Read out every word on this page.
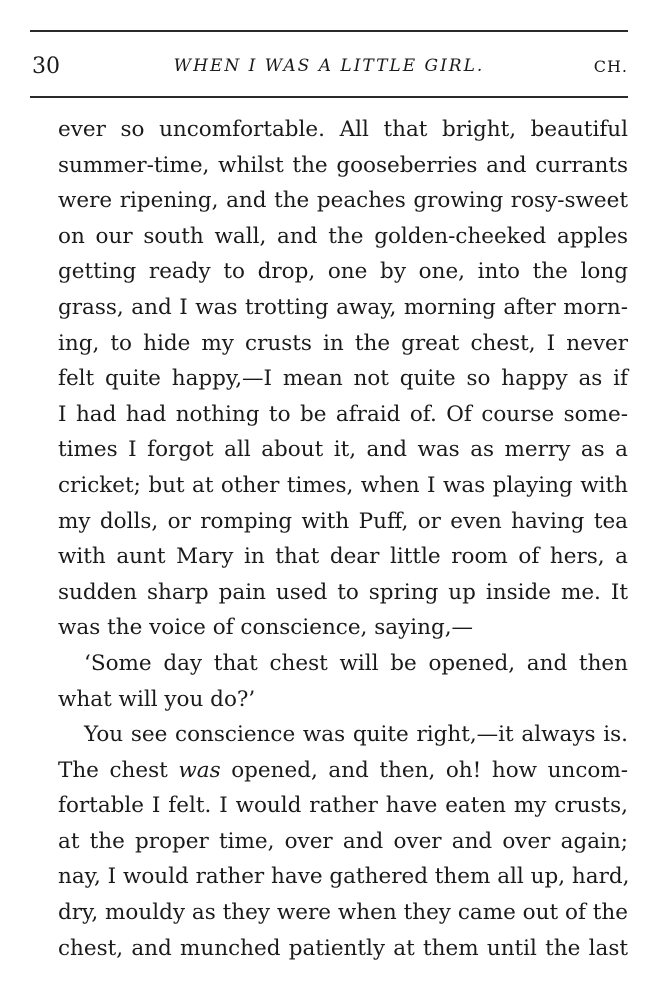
30	WHEN I WAS A LITTLE GIRL.	CH.
ever so uncomfortable. All that bright, beautiful
summer-time, whilst the gooseberries and currants
were ripening, and the peaches growing rosy-sweet
on our south wall, and the golden-cheeked apples
getting ready to drop, one by one, into the long
grass, and I was trotting away, morning after morn-
ing, to hide my crusts in the great chest, I never
felt quite happy,—I mean not quite so happy as if
I had had nothing to be afraid of. Of course some-
times I forgot all about it, and was as merry as a
cricket; but at other times, when I was playing with
my dolls, or romping with Puff, or even having tea
with aunt Mary in that dear little room of hers, a
sudden sharp pain used to spring up inside me. It
was the voice of conscience, saying,—
‘Some day that chest will be opened, and then
what will you do?’
You see conscience was quite right,—it always is.
The chest was opened, and then, oh! how uncom-
fortable I felt. I would rather have eaten my crusts,
at the proper time, over and over and over again;
nay, I would rather have gathered them all up, hard,
dry, mouldy as they were when they came out of the
chest, and munched patiently at them until the last
